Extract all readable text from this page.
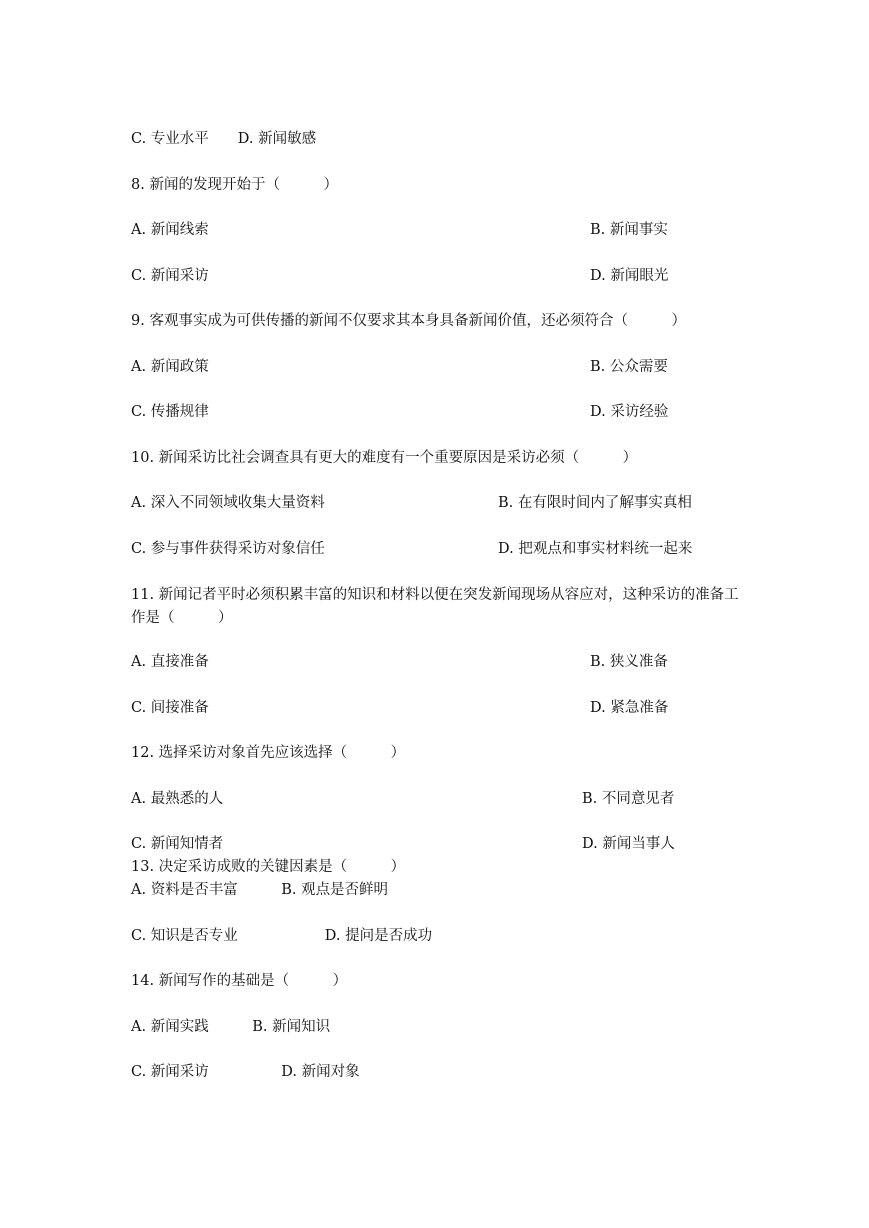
C. 专业水平　　D. 新闻敏感
8. 新闻的发现开始于（　　　）
A. 新闻线索	B. 新闻事实
C. 新闻采访	D. 新闻眼光
9. 客观事实成为可供传播的新闻不仅要求其本身具备新闻价值，还必须符合（　　　）
A. 新闻政策	B. 公众需要
C. 传播规律	D. 采访经验
10. 新闻采访比社会调查具有更大的难度有一个重要原因是采访必须（　　　）
A. 深入不同领域收集大量资料	B. 在有限时间内了解事实真相
C. 参与事件获得采访对象信任	D. 把观点和事实材料统一起来
11. 新闻记者平时必须积累丰富的知识和材料以便在突发新闻现场从容应对，这种采访的准备工作是（　　　）
A. 直接准备	B. 狭义准备
C. 间接准备	D. 紧急准备
12. 选择采访对象首先应该选择（　　　）
A. 最熟悉的人	B. 不同意见者
C. 新闻知情者	D. 新闻当事人
13. 决定采访成败的关键因素是（　　　）
A. 资料是否丰富　　　B. 观点是否鲜明
C. 知识是否专业　　　　　　D. 提问是否成功
14. 新闻写作的基础是（　　　）
A. 新闻实践　　　B. 新闻知识
C. 新闻采访　　　　　D. 新闻对象
